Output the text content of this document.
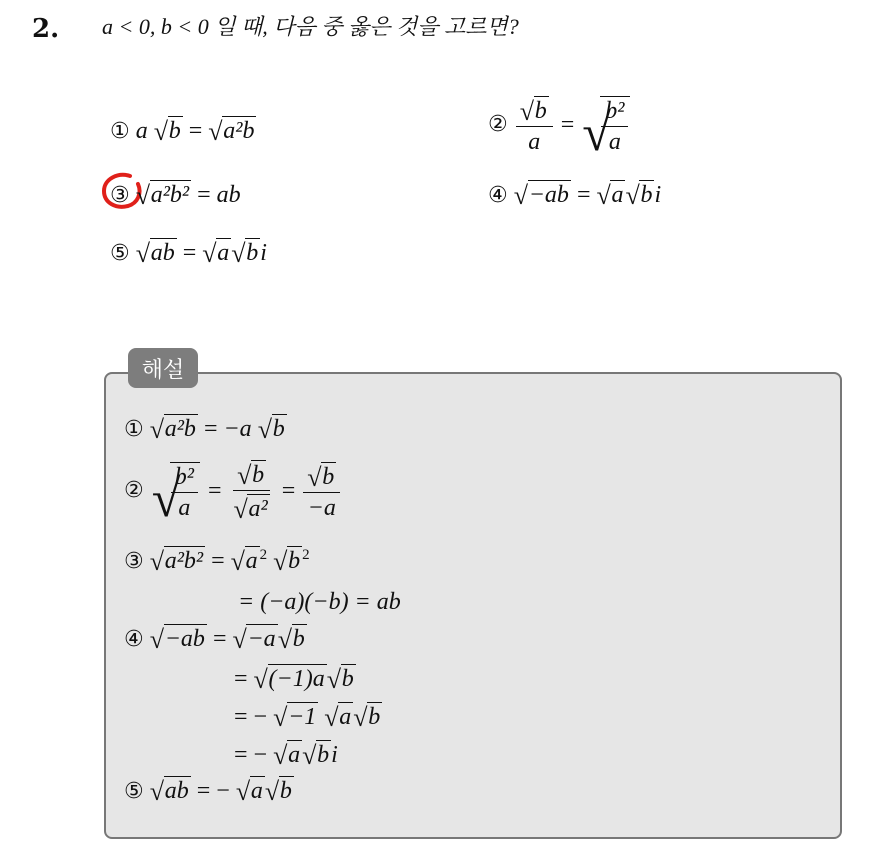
2. a < 0, b < 0 일 때, 다음 중 옳은 것을 고르면?
① a √ b = √ a²b	② $\frac{√ b}{a}$ = √
$\frac{\text{b²}}{a}$
③ √ a²b² = ab	④ √ −ab = √ a √ bi
⑤ √ ab = √ a √ bi
해설
① √ a²b = −a √ b
② √
$\frac{\text{b²}}{a} = \frac{√ b}{\text{√ a²}} = \frac{√ b}{-a}$
③ √ a²b² = √ a $^2$ √ b $^2$
= (−a)(−b) = ab
④ √ −ab = √ −a √ b
= √ (−1)a √ b
= − √ −1 √ a √ b
= − √ a √ bi
⑤ √ ab = − √ a √ b
